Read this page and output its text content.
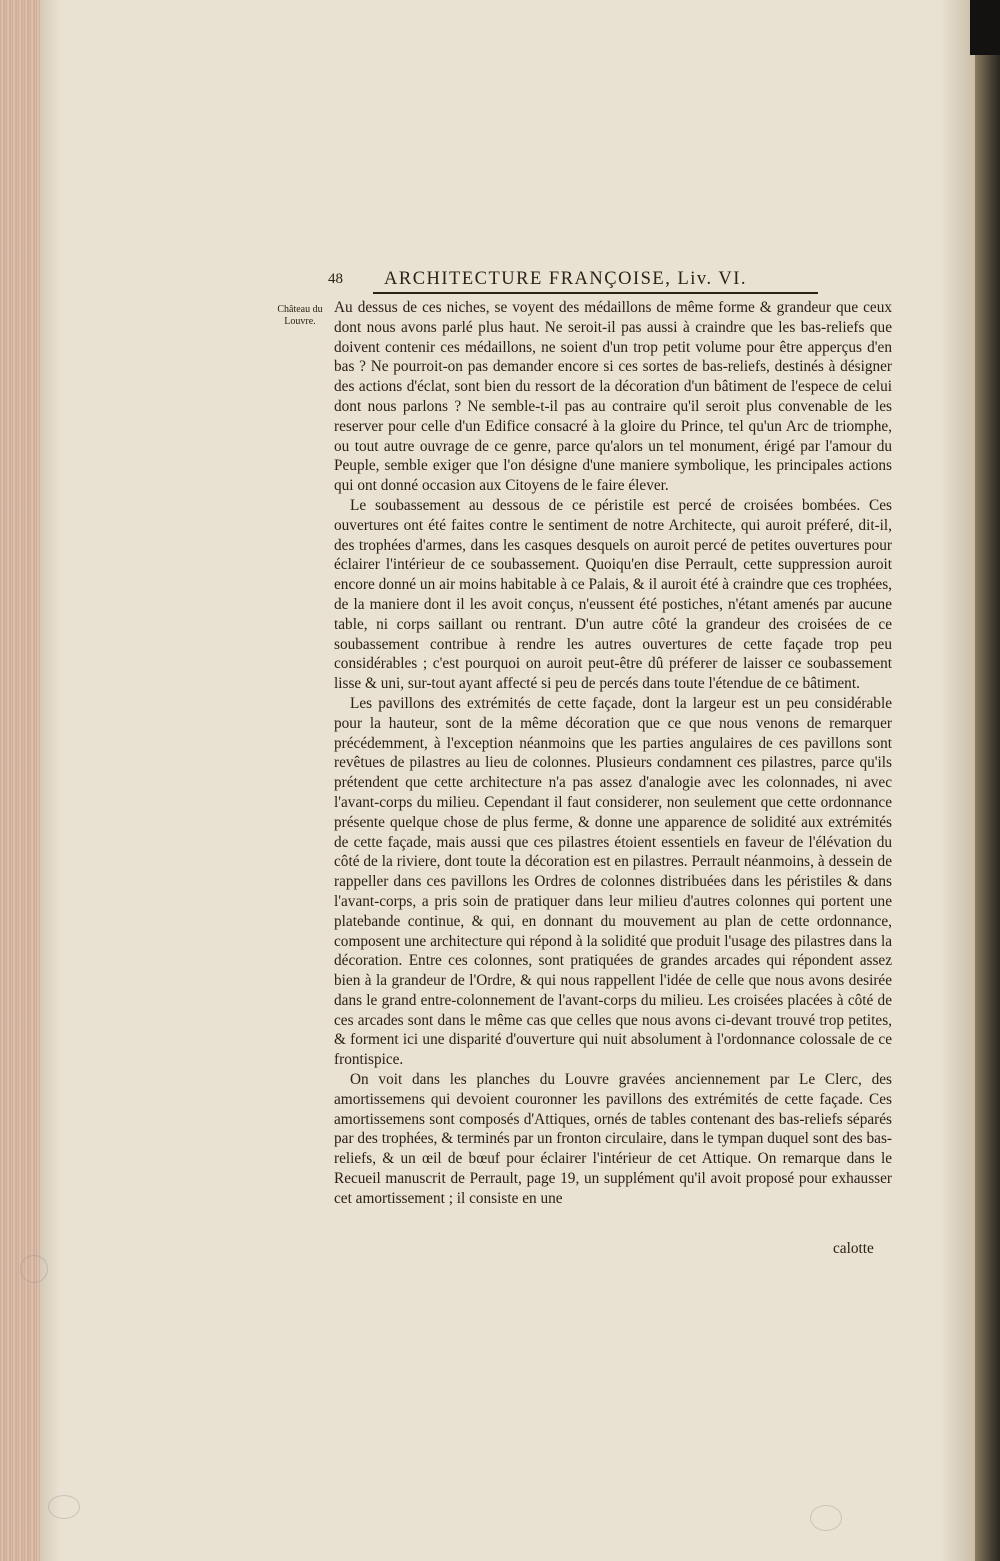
48 ARCHITECTURE FRANÇOISE, Liv. VI.
Château du Louvre.

Au dessus de ces niches, se voyent des médaillons de même forme & grandeur que ceux dont nous avons parlé plus haut. Ne seroit-il pas aussi à craindre que les bas-reliefs que doivent contenir ces médaillons, ne soient d'un trop petit volume pour être apperçus d'en bas ? Ne pourroit-on pas demander encore si ces sortes de bas-reliefs, destinés à désigner des actions d'éclat, sont bien du ressort de la décoration d'un bâtiment de l'espece de celui dont nous parlons ? Ne semble-t-il pas au contraire qu'il seroit plus convenable de les reserver pour celle d'un Edifice consacré à la gloire du Prince, tel qu'un Arc de triomphe, ou tout autre ouvrage de ce genre, parce qu'alors un tel monument, érigé par l'amour du Peuple, semble exiger que l'on désigne d'une maniere symbolique, les principales actions qui ont donné occasion aux Citoyens de le faire élever.

Le soubassement au dessous de ce péristile est percé de croisées bombées. Ces ouvertures ont été faites contre le sentiment de notre Architecte, qui auroit préferé, dit-il, des trophées d'armes, dans les casques desquels on auroit percé de petites ouvertures pour éclairer l'intérieur de ce soubassement. Quoiqu'en dise Perrault, cette suppression auroit encore donné un air moins habitable à ce Palais, & il auroit été à craindre que ces trophées, de la maniere dont il les avoit conçus, n'eussent été postiches, n'étant amenés par aucune table, ni corps saillant ou rentrant. D'un autre côté la grandeur des croisées de ce soubassement contribue à rendre les autres ouvertures de cette façade trop peu considérables ; c'est pourquoi on auroit peut-être dû préferer de laisser ce soubassement lisse & uni, sur-tout ayant affecté si peu de percés dans toute l'étendue de ce bâtiment.

Les pavillons des extrémités de cette façade, dont la largeur est un peu considérable pour la hauteur, sont de la même décoration que ce que nous venons de remarquer précédemment, à l'exception néanmoins que les parties angulaires de ces pavillons sont revêtues de pilastres au lieu de colonnes. Plusieurs condamnent ces pilastres, parce qu'ils prétendent que cette architecture n'a pas assez d'analogie avec les colonnades, ni avec l'avant-corps du milieu. Cependant il faut considerer, non seulement que cette ordonnance présente quelque chose de plus ferme, & donne une apparence de solidité aux extrémités de cette façade, mais aussi que ces pilastres étoient essentiels en faveur de l'élévation du côté de la riviere, dont toute la décoration est en pilastres. Perrault néanmoins, à dessein de rappeller dans ces pavillons les Ordres de colonnes distribuées dans les péristiles & dans l'avant-corps, a pris soin de pratiquer dans leur milieu d'autres colonnes qui portent une platebande continue, & qui, en donnant du mouvement au plan de cette ordonnance, composent une architecture qui répond à la solidité que produit l'usage des pilastres dans la décoration. Entre ces colonnes, sont pratiquées de grandes arcades qui répondent assez bien à la grandeur de l'Ordre, & qui nous rappellent l'idée de celle que nous avons desirée dans le grand entre-colonnement de l'avant-corps du milieu. Les croisées placées à côté de ces arcades sont dans le même cas que celles que nous avons ci-devant trouvé trop petites, & forment ici une disparité d'ouverture qui nuit absolument à l'ordonnance colossale de ce frontispice.

On voit dans les planches du Louvre gravées anciennement par Le Clerc, des amortissemens qui devoient couronner les pavillons des extrémités de cette façade. Ces amortissemens sont composés d'Attiques, ornés de tables contenant des bas-reliefs séparés par des trophées, & terminés par un fronton circulaire, dans le tympan duquel sont des bas-reliefs, & un œil de bœuf pour éclairer l'intérieur de cet Attique. On remarque dans le Recueil manuscrit de Perrault, page 19, un supplément qu'il avoit proposé pour exhausser cet amortissement ; il consiste en une

calotte
